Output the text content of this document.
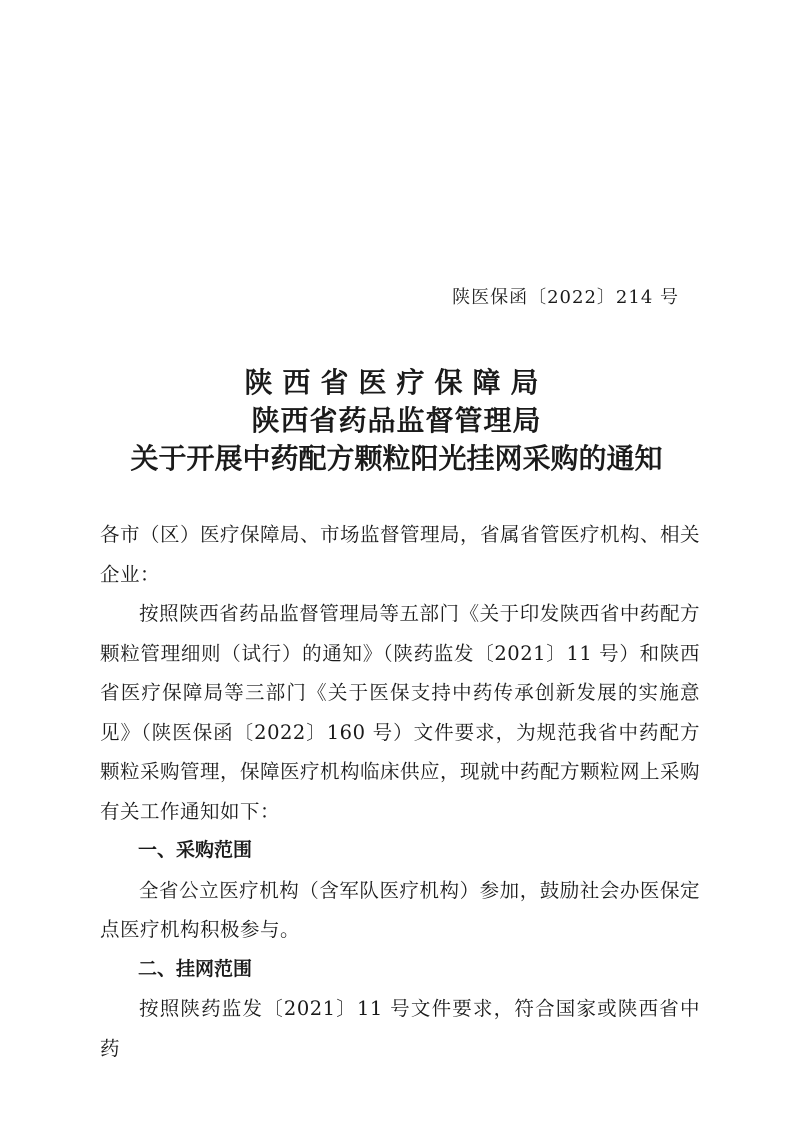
陕医保函〔2022〕214 号
陕西省医疗保障局
陕西省药品监督管理局
关于开展中药配方颗粒阳光挂网采购的通知

各市（区）医疗保障局、市场监督管理局，省属省管医疗机构、相关企业：

按照陕西省药品监督管理局等五部门《关于印发陕西省中药配方颗粒管理细则（试行）的通知》（陕药监发〔2021〕11 号）和陕西省医疗保障局等三部门《关于医保支持中药传承创新发展的实施意见》（陕医保函〔2022〕160 号）文件要求，为规范我省中药配方颗粒采购管理，保障医疗机构临床供应，现就中药配方颗粒网上采购有关工作通知如下：

一、采购范围

全省公立医疗机构（含军队医疗机构）参加，鼓励社会办医保定点医疗机构积极参与。

二、挂网范围

按照陕药监发〔2021〕11 号文件要求，符合国家或陕西省中药
